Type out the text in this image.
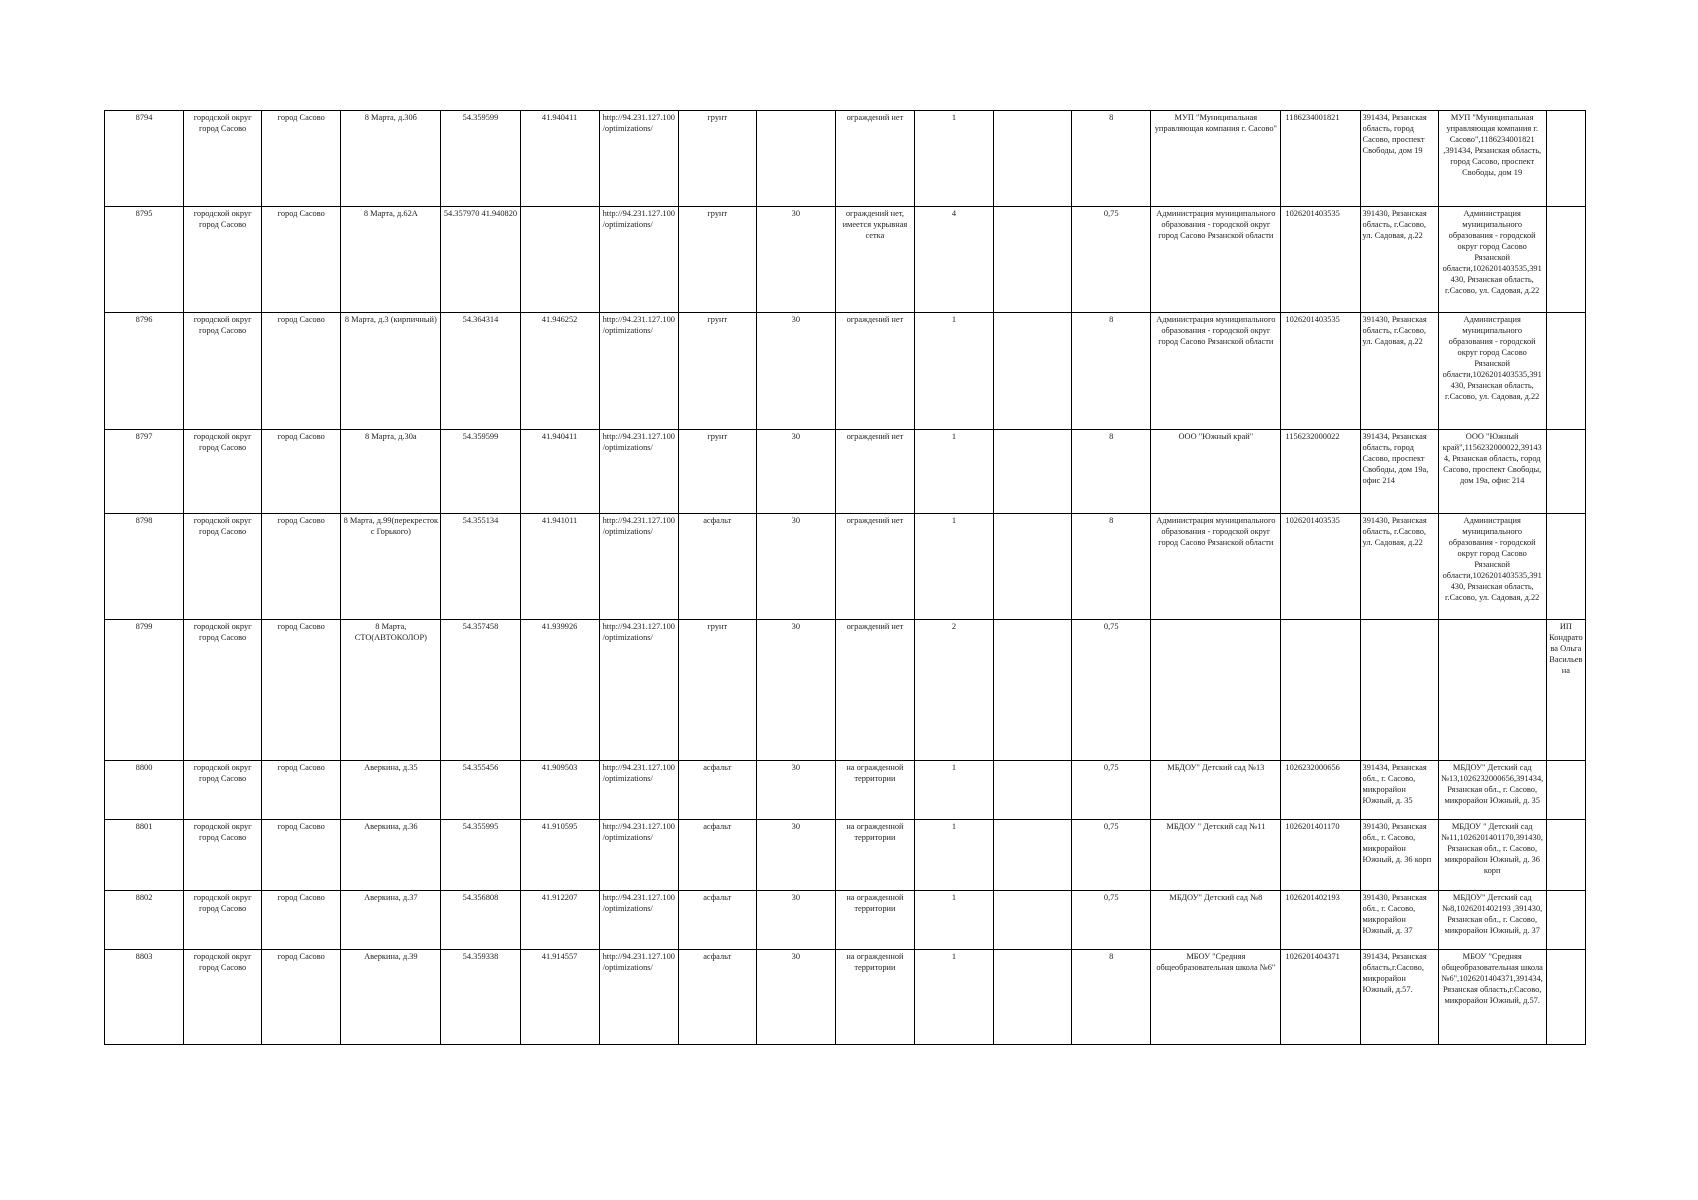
8794	городской округ город Сасово	город Сасово	8 Марта, д.30б	54.359599	41.940411	http://94.231.127.100/optimizations/	грунт		ограждений нет	1		8	МУП "Муниципальная управляющая компания г. Сасово"	1186234001821	391434, Рязанская область, город Сасово, проспект Свободы, дом 19	МУП "Муниципальная управляющая компания г. Сасово",1186234001821 ,391434, Рязанская область, город Сасово, проспект Свободы, дом 19	
8795	городской округ город Сасово	город Сасово	8 Марта, д.62А	54.357970 41.940820		http://94.231.127.100/optimizations/	грунт	30	ограждений нет, имеется укрывная сетка	4		0,75	Администрация муниципального образования - городской округ город Сасово Рязанской области	1026201403535	391430, Рязанская область, г.Сасово, ул. Садовая, д.22	Администрация муниципального образования - городской округ город Сасово Рязанской области,1026201403535,391430, Рязанская область, г.Сасово, ул. Садовая, д.22	
8796	городской округ город Сасово	город Сасово	8 Марта, д.3 (кирпичный)	54.364314	41.946252	http://94.231.127.100/optimizations/	грунт	30	ограждений нет	1		8	Администрация муниципального образования - городской округ город Сасово Рязанской области	1026201403535	391430, Рязанская область, г.Сасово, ул. Садовая, д.22	Администрация муниципального образования - городской округ город Сасово Рязанской области,1026201403535,391430, Рязанская область, г.Сасово, ул. Садовая, д.22	
8797	городской округ город Сасово	город Сасово	8 Марта, д.30а	54.359599	41.940411	http://94.231.127.100/optimizations/	грунт	30	ограждений нет	1		8	ООО "Южный край"	1156232000022	391434, Рязанская область, город Сасово, проспект Свободы, дом 19а, офис 214	ООО "Южный край",1156232000022,391434, Рязанская область, город Сасово, проспект Свободы, дом 19а, офис 214	
8798	городской округ город Сасово	город Сасово	8 Марта, д.99(перекресток с Горького)	54.355134	41.941011	http://94.231.127.100/optimizations/	асфальт	30	ограждений нет	1		8	Администрация муниципального образования - городской округ город Сасово Рязанской области	1026201403535	391430, Рязанская область, г.Сасово, ул. Садовая, д.22	Администрация муниципального образования - городской округ город Сасово Рязанской области,1026201403535,391430, Рязанская область, г.Сасово, ул. Садовая, д.22	
8799	городской округ город Сасово	город Сасово	8 Марта, СТО(АВТОКОЛОР)	54.357458	41.939926	http://94.231.127.100/optimizations/	грунт	30	ограждений нет	2		0,75					ИП Кондратова Ольга Васильевна
8800	городской округ город Сасово	город Сасово	Аверкина, д.35	54.355456	41.909503	http://94.231.127.100/optimizations/	асфальт	30	на огражденной территории	1		0,75	МБДОУ" Детский сад №13	1026232000656	391434, Рязанская обл., г. Сасово, микрорайон Южный, д. 35	МБДОУ" Детский сад №13,1026232000656,391434, Рязанская обл., г. Сасово, микрорайон Южный, д. 35	
8801	городской округ город Сасово	город Сасово	Аверкина, д.36	54.355995	41.910595	http://94.231.127.100/optimizations/	асфальт	30	на огражденной территории	1		0,75	МБДОУ " Детский сад №11	1026201401170	391430, Рязанская обл., г. Сасово, микрорайон Южный, д. 36 корп	МБДОУ " Детский сад №11,1026201401170,391430, Рязанская обл., г. Сасово, микрорайон Южный, д. 36 корп	
8802	городской округ город Сасово	город Сасово	Аверкина, д.37	54.356808	41.912207	http://94.231.127.100/optimizations/	асфальт	30	на огражденной территории	1		0,75	МБДОУ" Детский сад №8	1026201402193	391430, Рязанская обл., г. Сасово, микрорайон Южный, д. 37	МБДОУ" Детский сад №8,1026201402193 ,391430, Рязанская обл., г. Сасово, микрорайон Южный, д. 37	
8803	городской округ город Сасово	город Сасово	Аверкина, д.39	54.359338	41.914557	http://94.231.127.100/optimizations/	асфальт	30	на огражденной территории	1		8	МБОУ "Средняя общеобразовательная школа №6"	1026201404371	391434, Рязанская область,г.Сасово, микрорайон Южный, д.57.	МБОУ "Средняя общеобразовательная школа №6",1026201404371,391434, Рязанская область,г.Сасово, микрорайон Южный, д.57.	
